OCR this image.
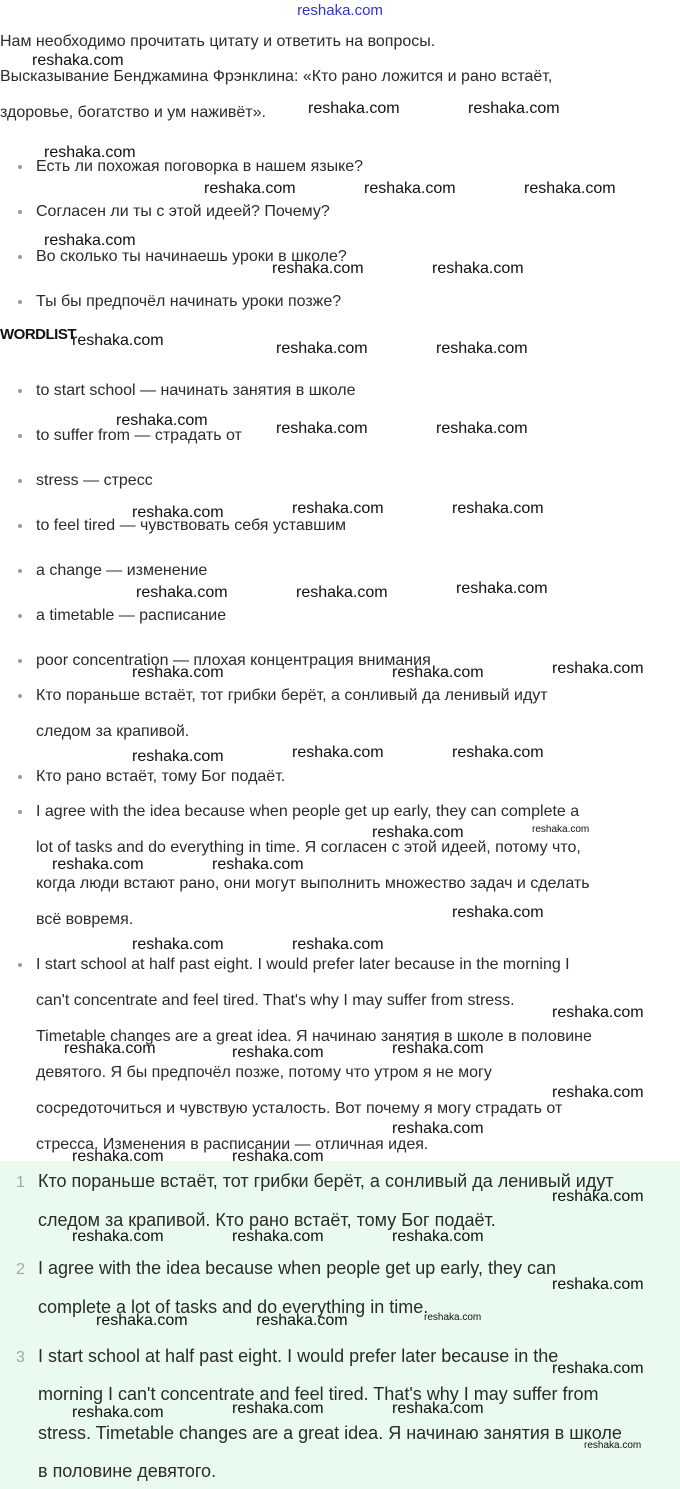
reshaka.com
Нам необходимо прочитать цитату и ответить на вопросы.
Высказывание Бенджамина Фрэнклина: «Кто рано ложится и рано встаёт,
здоровье, богатство и ум наживёт».
Есть ли похожая поговорка в нашем языке?
Согласен ли ты с этой идеей? Почему?
Во сколько ты начинаешь уроки в школе?
Ты бы предпочёл начинать уроки позже?
WORDLIST
to start school — начинать занятия в школе
to suffer from — страдать от
stress — стресс
to feel tired — чувствовать себя уставшим
a change — изменение
a timetable — расписание
poor concentration — плохая концентрация внимания
Кто пораньше встаёт, тот грибки берёт, а сонливый да ленивый идут
следом за крапивой.
Кто рано встаёт, тому Бог подаёт.
I agree with the idea because when people get up early, they can complete a
lot of tasks and do everything in time. Я согласен с этой идеей, потому что,
когда люди встают рано, они могут выполнить множество задач и сделать
всё вовремя.
I start school at half past eight. I would prefer later because in the morning I
can't concentrate and feel tired. That's why I may suffer from stress.
Timetable changes are a great idea. Я начинаю занятия в школе в половине
девятого. Я бы предпочёл позже, потому что утром я не могу
сосредоточиться и чувствую усталость. Вот почему я могу страдать от
стресса. Изменения в расписании — отличная идея.
1 Кто пораньше встаёт, тот грибки берёт, а сонливый да ленивый идут
следом за крапивой. Кто рано встаёт, тому Бог подаёт.
2 I agree with the idea because when people get up early, they can
complete a lot of tasks and do everything in time.
3 I start school at half past eight. I would prefer later because in the
morning I can't concentrate and feel tired. That's why I may suffer from
stress. Timetable changes are a great idea. Я начинаю занятия в школе
в половине девятого.
reshaka.com
reshaka.com	reshaka.com
reshaka.com
reshaka.com	reshaka.com	reshaka.com
reshaka.com
reshaka.com	reshaka.com
reshaka.com	reshaka.com	reshaka.com
reshaka.com	reshaka.com	reshaka.com
reshaka.com	reshaka.com	reshaka.com
reshaka.com	reshaka.com	reshaka.com
reshaka.com	reshaka.com	reshaka.com
reshaka.com	reshaka.com	reshaka.com
reshaka.com	reshaka.com
reshaka.com	reshaka.com
reshaka.com
reshaka.com	reshaka.com
reshaka.com
reshaka.com	reshaka.com	reshaka.com
reshaka.com
reshaka.com
reshaka.com	reshaka.com
reshaka.com
reshaka.com	reshaka.com	reshaka.com
reshaka.com
reshaka.com	reshaka.com	reshaka.com
reshaka.com
reshaka.com	reshaka.com	reshaka.com
reshaka.com
